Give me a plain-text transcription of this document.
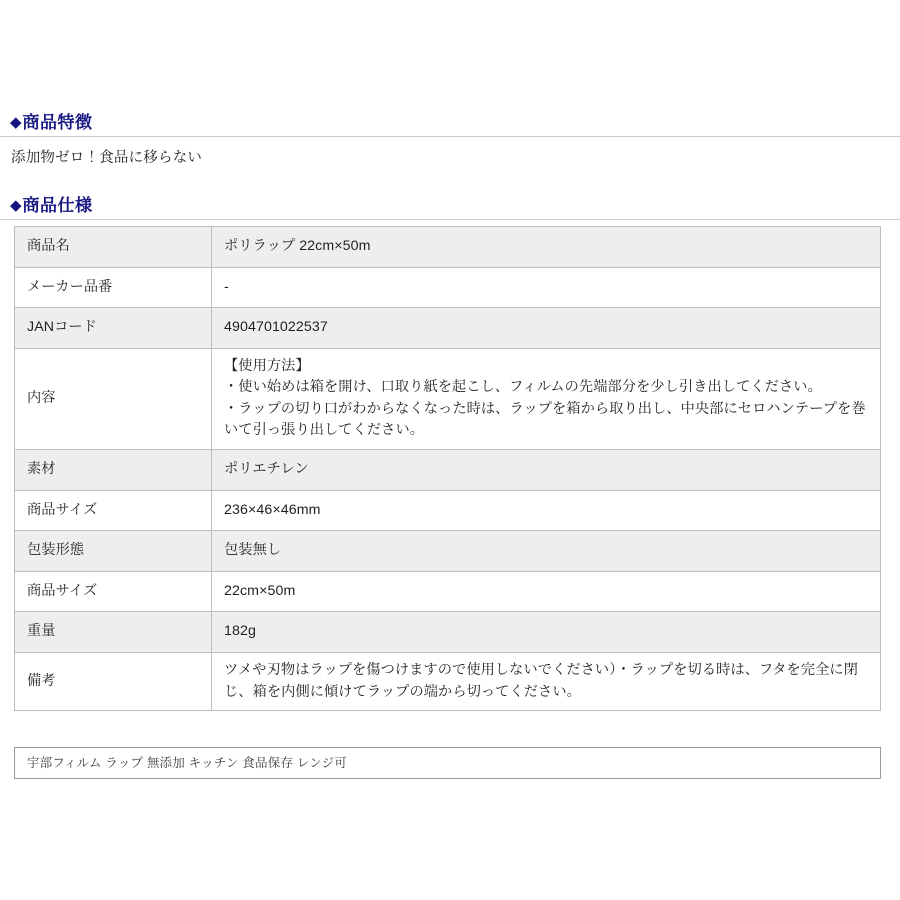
◆商品特徴
添加物ゼロ！食品に移らない
◆商品仕様
商品名	ポリラップ 22cm×50m
メーカー品番	-
JANコード	4904701022537
内容	【使用方法】
・使い始めは箱を開け、口取り紙を起こし、フィルムの先端部分を少し引き出してください。
・ラップの切り口がわからなくなった時は、ラップを箱から取り出し、中央部にセロハンテープを巻いて引っ張り出してください。

素材	ポリエチレン
商品サイズ	236×46×46mm
包装形態	包装無し
商品サイズ	22cm×50m
重量	182g
備考	ツメや刃物はラップを傷つけますので使用しないでください）・ラップを切る時は、フタを完全に閉じ、箱を内側に傾けてラップの端から切ってください。
宇部フィルム ラップ 無添加 キッチン 食品保存 レンジ可
